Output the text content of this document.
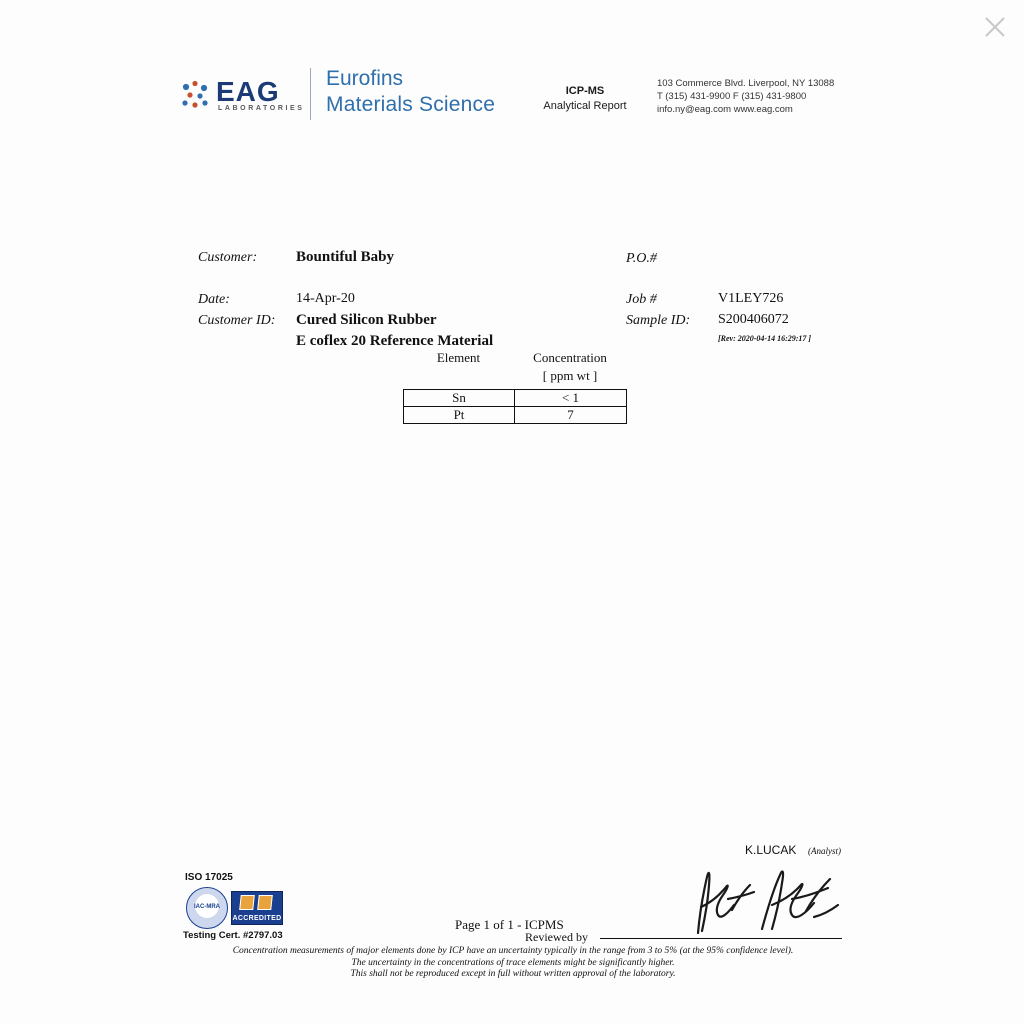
EAG
LABORATORIES
Eurofins
Materials Science
ICP-MS
Analytical Report
103 Commerce Blvd. Liverpool, NY 13088
T (315) 431-9900 F (315) 431-9800
info.ny@eag.com www.eag.com
Customer:	Bountiful Baby	P.O.#
Date:	14-Apr-20	Job #	V1LEY726
Customer ID: Cured Silicon Rubber
E coflex 20 Reference Material
Sample ID: S200406072
[Rev: 2020-04-14 16:29:17 ]
Element	Concentration
[ ppm wt ]
Sn	< 1
Pt	7
ISO 17025
IAC-MRA
ACCREDITED
Testing Cert. #2797.03
Page 1 of 1 - ICPMS
Reviewed by
K.LUCAK (Analyst)
Concentration measurements of major elements done by ICP have an uncertainty typically in the range from 3 to 5% (at the 95% confidence level).
The uncertainty in the concentrations of trace elements might be significantly higher.
This shall not be reproduced except in full without written approval of the laboratory.
